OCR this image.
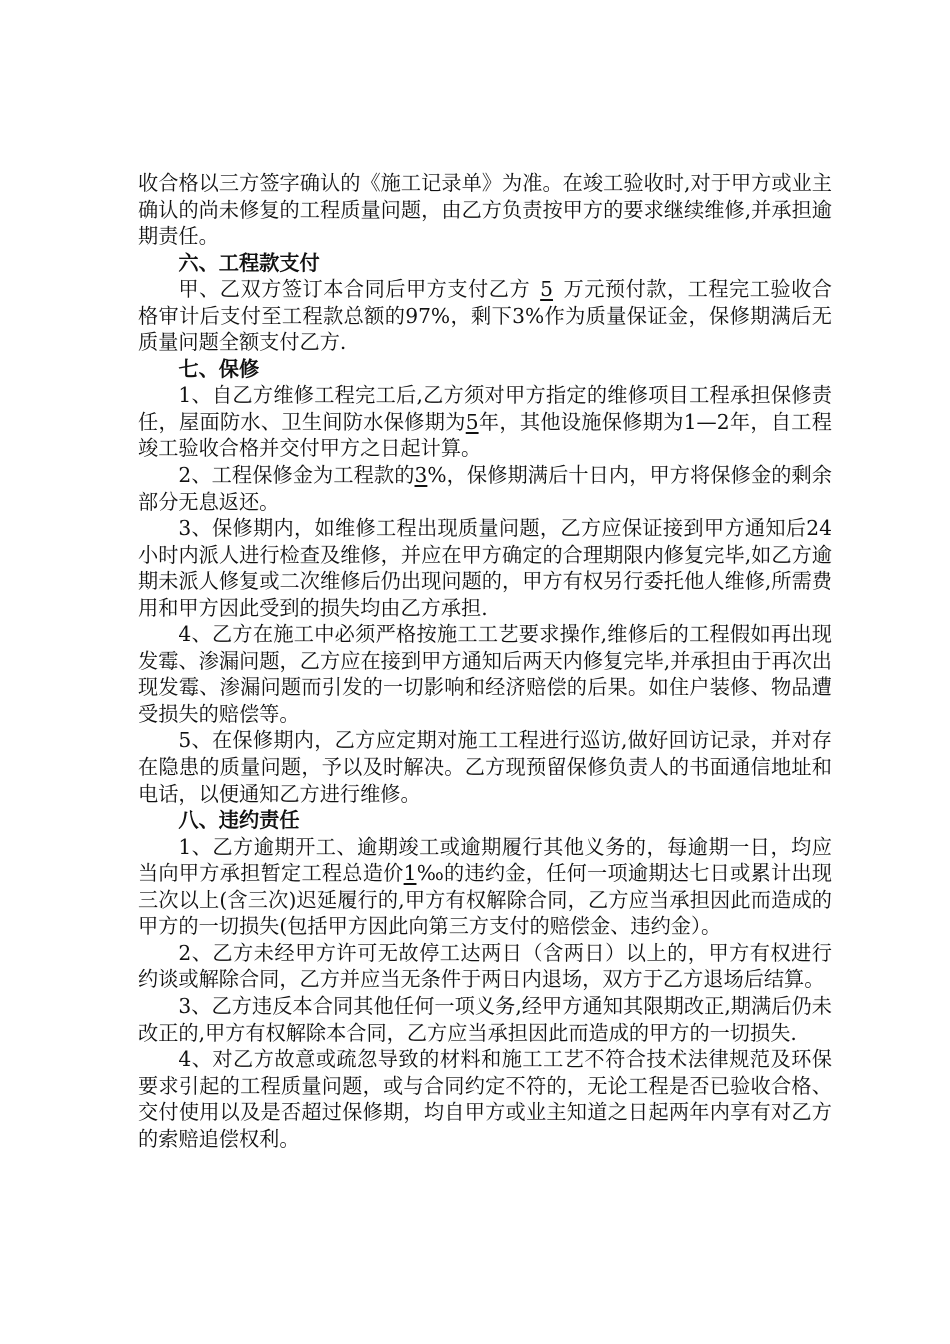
收合格以三方签字确认的《施工记录单》为准。在竣工验收时,对于甲方或业主确认的尚未修复的工程质量问题，由乙方负责按甲方的要求继续维修,并承担逾期责任。

六、工程款支付

甲、乙双方签订本合同后甲方支付乙方 5 万元预付款，工程完工验收合格审计后支付至工程款总额的97%，剩下3%作为质量保证金，保修期满后无质量问题全额支付乙方.

七、保修

1、自乙方维修工程完工后,乙方须对甲方指定的维修项目工程承担保修责任，屋面防水、卫生间防水保修期为5年，其他设施保修期为1—2年，自工程竣工验收合格并交付甲方之日起计算。

2、工程保修金为工程款的3%，保修期满后十日内，甲方将保修金的剩余部分无息返还。

3、保修期内，如维修工程出现质量问题，乙方应保证接到甲方通知后24小时内派人进行检查及维修，并应在甲方确定的合理期限内修复完毕,如乙方逾期未派人修复或二次维修后仍出现问题的，甲方有权另行委托他人维修,所需费用和甲方因此受到的损失均由乙方承担.

4、乙方在施工中必须严格按施工工艺要求操作,维修后的工程假如再出现发霉、渗漏问题，乙方应在接到甲方通知后两天内修复完毕,并承担由于再次出现发霉、渗漏问题而引发的一切影响和经济赔偿的后果。如住户装修、物品遭受损失的赔偿等。

5、在保修期内，乙方应定期对施工工程进行巡访,做好回访记录，并对存在隐患的质量问题，予以及时解决。乙方现预留保修负责人的书面通信地址和电话，以便通知乙方进行维修。

八、违约责任

1、乙方逾期开工、逾期竣工或逾期履行其他义务的，每逾期一日，均应当向甲方承担暂定工程总造价1‰的违约金，任何一项逾期达七日或累计出现三次以上(含三次)迟延履行的,甲方有权解除合同，乙方应当承担因此而造成的甲方的一切损失(包括甲方因此向第三方支付的赔偿金、违约金）。

2、乙方未经甲方许可无故停工达两日（含两日）以上的，甲方有权进行约谈或解除合同，乙方并应当无条件于两日内退场，双方于乙方退场后结算。

3、乙方违反本合同其他任何一项义务,经甲方通知其限期改正,期满后仍未改正的,甲方有权解除本合同，乙方应当承担因此而造成的甲方的一切损失.

4、对乙方故意或疏忽导致的材料和施工工艺不符合技术法律规范及环保要求引起的工程质量问题，或与合同约定不符的，无论工程是否已验收合格、交付使用以及是否超过保修期，均自甲方或业主知道之日起两年内享有对乙方的索赔追偿权利。
